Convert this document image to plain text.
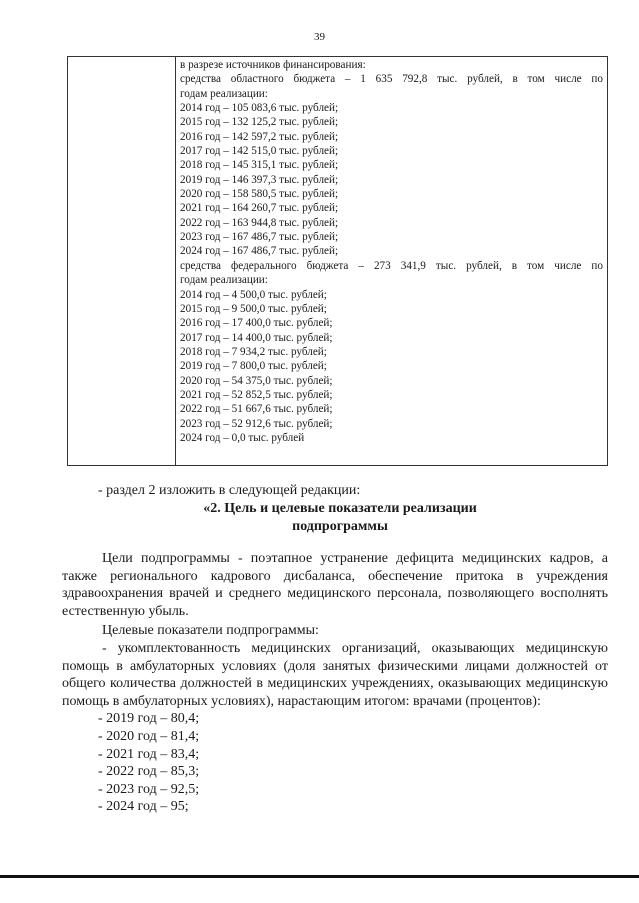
39
в разрезе источников финансирования:
средства областного бюджета – 1 635 792,8 тыс. рублей, в том числе по
годам реализации:
2014 год – 105 083,6 тыс. рублей;
2015 год – 132 125,2 тыс. рублей;
2016 год – 142 597,2 тыс. рублей;
2017 год – 142 515,0 тыс. рублей;
2018 год – 145 315,1 тыс. рублей;
2019 год – 146 397,3 тыс. рублей;
2020 год – 158 580,5 тыс. рублей;
2021 год – 164 260,7 тыс. рублей;
2022 год – 163 944,8 тыс. рублей;
2023 год – 167 486,7 тыс. рублей;
2024 год – 167 486,7 тыс. рублей;
средства федерального бюджета – 273 341,9 тыс. рублей, в том числе по
годам реализации:
2014 год – 4 500,0 тыс. рублей;
2015 год – 9 500,0 тыс. рублей;
2016 год – 17 400,0 тыс. рублей;
2017 год – 14 400,0 тыс. рублей;
2018 год – 7 934,2 тыс. рублей;
2019 год – 7 800,0 тыс. рублей;
2020 год – 54 375,0 тыс. рублей;
2021 год – 52 852,5 тыс. рублей;
2022 год – 51 667,6 тыс. рублей;
2023 год – 52 912,6 тыс. рублей;
2024 год – 0,0 тыс. рублей
- раздел 2 изложить в следующей редакции:
«2. Цель и целевые показатели реализации
подпрограммы

Цели подпрограммы - поэтапное устранение дефицита медицинских кадров, а также регионального кадрового дисбаланса, обеспечение притока в учреждения здравоохранения врачей и среднего медицинского персонала, позволяющего восполнять естественную убыль.

Целевые показатели подпрограммы:

- укомплектованность медицинских организаций, оказывающих медицинскую помощь в амбулаторных условиях (доля занятых физическими лицами должностей от общего количества должностей в медицинских учреждениях, оказывающих медицинскую помощь в амбулаторных условиях), нарастающим итогом: врачами (процентов):

- 2019 год – 80,4;

- 2020 год – 81,4;

- 2021 год – 83,4;

- 2022 год – 85,3;

- 2023 год – 92,5;

- 2024 год – 95;
